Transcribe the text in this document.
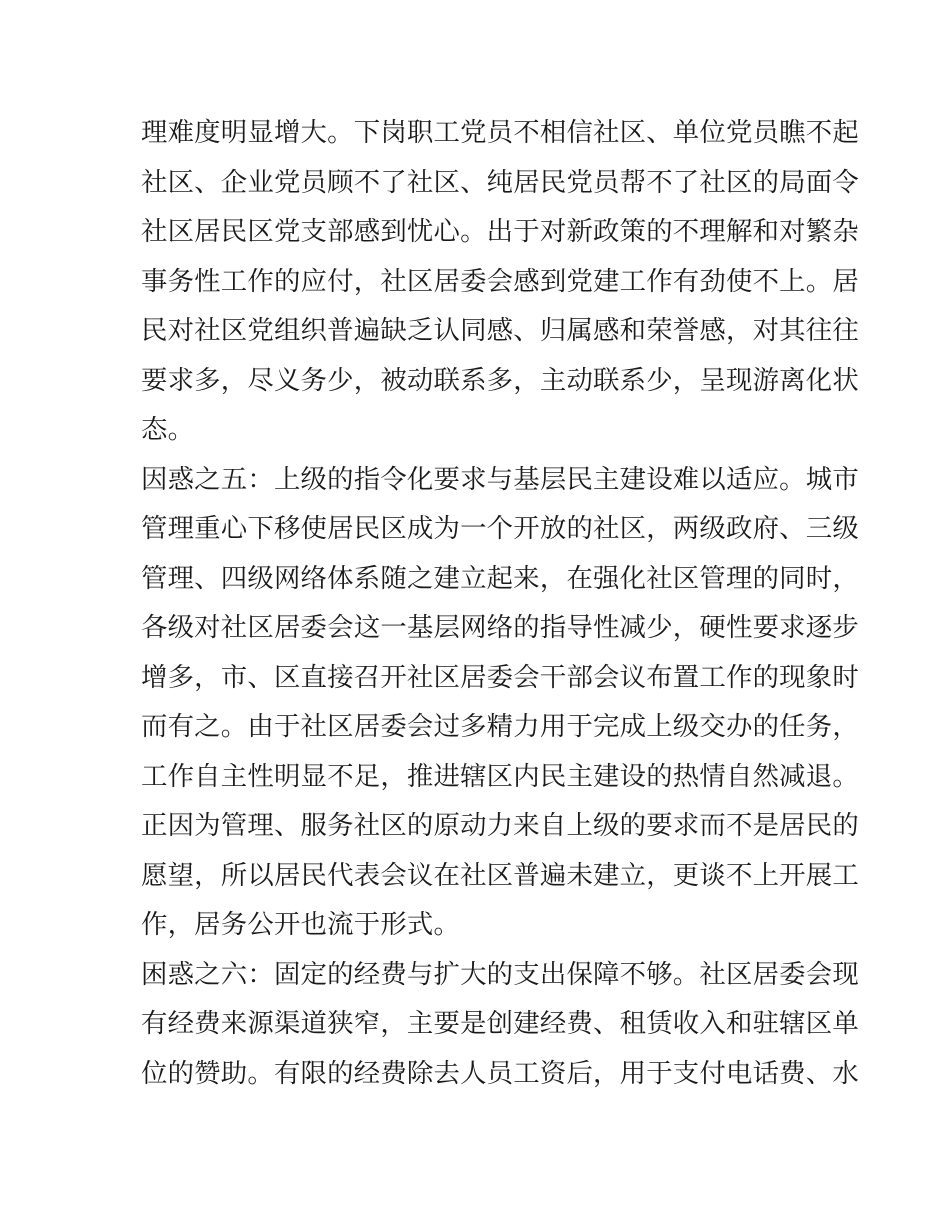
理难度明显增大。下岗职工党员不相信社区、单位党员瞧不起
社区、企业党员顾不了社区、纯居民党员帮不了社区的局面令
社区居民区党支部感到忧心。出于对新政策的不理解和对繁杂
事务性工作的应付，社区居委会感到党建工作有劲使不上。居
民对社区党组织普遍缺乏认同感、归属感和荣誉感，对其往往
要求多，尽义务少，被动联系多，主动联系少，呈现游离化状
态。
因惑之五：上级的指令化要求与基层民主建设难以适应。城市
管理重心下移使居民区成为一个开放的社区，两级政府、三级
管理、四级网络体系随之建立起来，在强化社区管理的同时，
各级对社区居委会这一基层网络的指导性减少，硬性要求逐步
增多，市、区直接召开社区居委会干部会议布置工作的现象时
而有之。由于社区居委会过多精力用于完成上级交办的任务，
工作自主性明显不足，推进辖区内民主建设的热情自然减退。
正因为管理、服务社区的原动力来自上级的要求而不是居民的
愿望，所以居民代表会议在社区普遍未建立，更谈不上开展工
作，居务公开也流于形式。
困惑之六：固定的经费与扩大的支出保障不够。社区居委会现
有经费来源渠道狭窄，主要是创建经费、租赁收入和驻辖区单
位的赞助。有限的经费除去人员工资后，用于支付电话费、水
